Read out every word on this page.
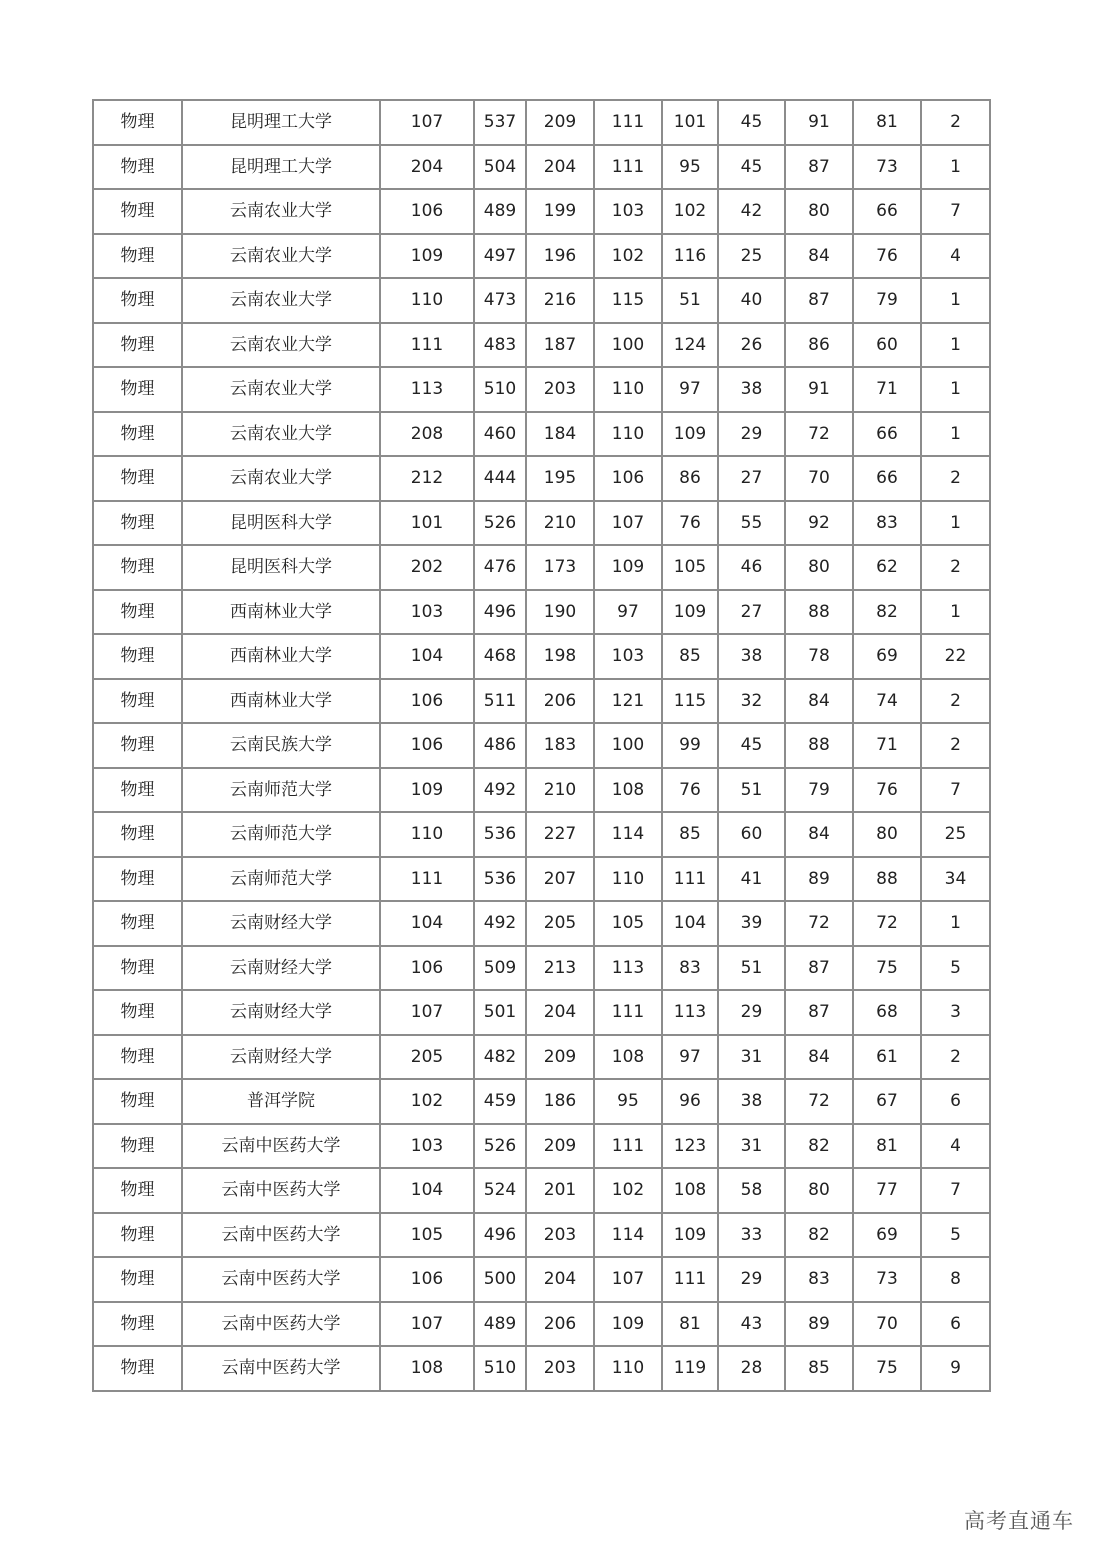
物理	昆明理工大学	107	537	209	111	101	45	91	81	2
物理	昆明理工大学	204	504	204	111	95	45	87	73	1
物理	云南农业大学	106	489	199	103	102	42	80	66	7
物理	云南农业大学	109	497	196	102	116	25	84	76	4
物理	云南农业大学	110	473	216	115	51	40	87	79	1
物理	云南农业大学	111	483	187	100	124	26	86	60	1
物理	云南农业大学	113	510	203	110	97	38	91	71	1
物理	云南农业大学	208	460	184	110	109	29	72	66	1
物理	云南农业大学	212	444	195	106	86	27	70	66	2
物理	昆明医科大学	101	526	210	107	76	55	92	83	1
物理	昆明医科大学	202	476	173	109	105	46	80	62	2
物理	西南林业大学	103	496	190	97	109	27	88	82	1
物理	西南林业大学	104	468	198	103	85	38	78	69	22
物理	西南林业大学	106	511	206	121	115	32	84	74	2
物理	云南民族大学	106	486	183	100	99	45	88	71	2
物理	云南师范大学	109	492	210	108	76	51	79	76	7
物理	云南师范大学	110	536	227	114	85	60	84	80	25
物理	云南师范大学	111	536	207	110	111	41	89	88	34
物理	云南财经大学	104	492	205	105	104	39	72	72	1
物理	云南财经大学	106	509	213	113	83	51	87	75	5
物理	云南财经大学	107	501	204	111	113	29	87	68	3
物理	云南财经大学	205	482	209	108	97	31	84	61	2
物理	普洱学院	102	459	186	95	96	38	72	67	6
物理	云南中医药大学	103	526	209	111	123	31	82	81	4
物理	云南中医药大学	104	524	201	102	108	58	80	77	7
物理	云南中医药大学	105	496	203	114	109	33	82	69	5
物理	云南中医药大学	106	500	204	107	111	29	83	73	8
物理	云南中医药大学	107	489	206	109	81	43	89	70	6
物理	云南中医药大学	108	510	203	110	119	28	85	75	9
高考直通车
